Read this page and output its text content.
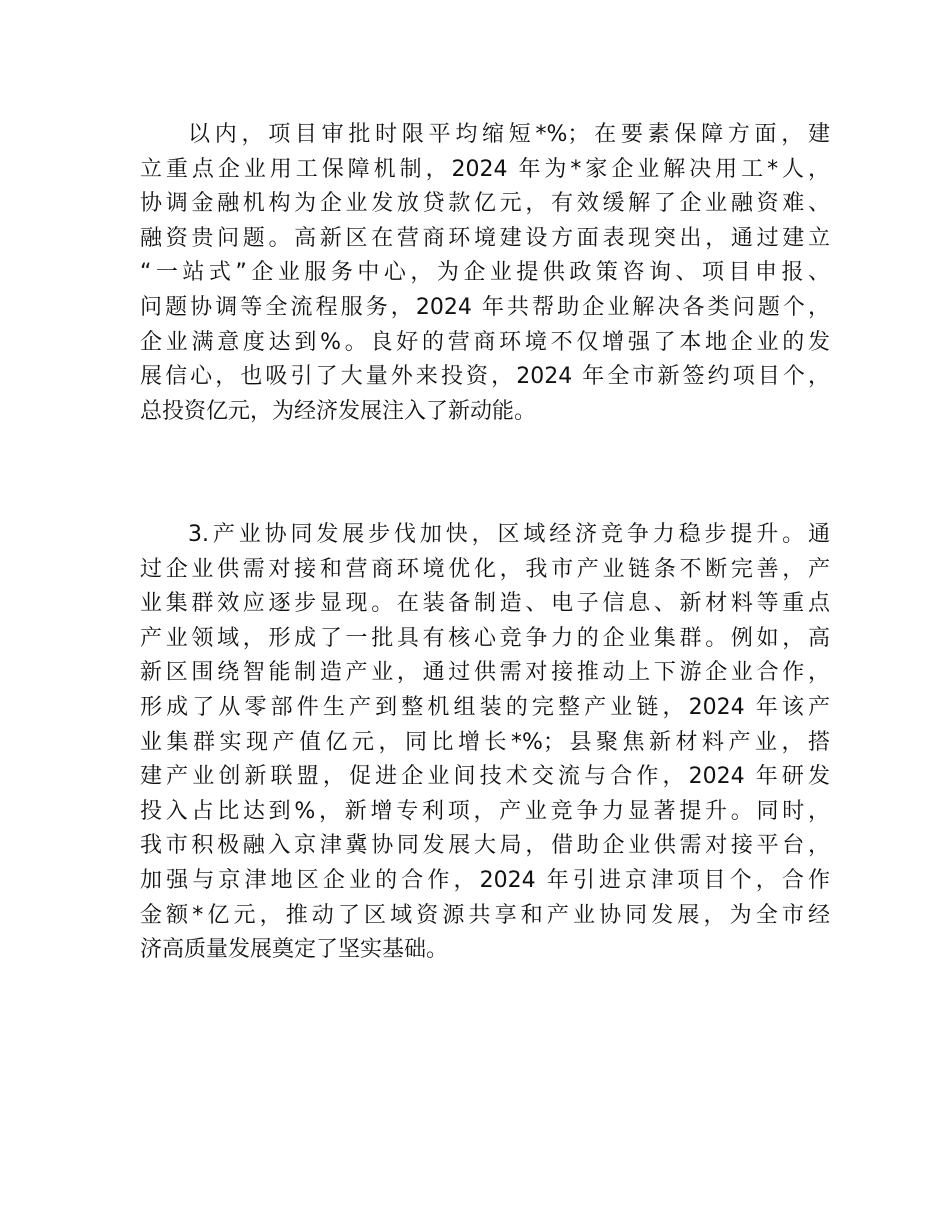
以内，项目审批时限平均缩短*%；在要素保障方面，建
立重点企业用工保障机制，2024 年为*家企业解决用工*人，
协调金融机构为企业发放贷款亿元，有效缓解了企业融资难、
融资贵问题。高新区在营商环境建设方面表现突出，通过建立
“一站式”企业服务中心，为企业提供政策咨询、项目申报、
问题协调等全流程服务，2024 年共帮助企业解决各类问题个，
企业满意度达到%。良好的营商环境不仅增强了本地企业的发
展信心，也吸引了大量外来投资，2024 年全市新签约项目个，
总投资亿元，为经济发展注入了新动能。
3.产业协同发展步伐加快，区域经济竞争力稳步提升。通
过企业供需对接和营商环境优化，我市产业链条不断完善，产
业集群效应逐步显现。在装备制造、电子信息、新材料等重点
产业领域，形成了一批具有核心竞争力的企业集群。例如，高
新区围绕智能制造产业，通过供需对接推动上下游企业合作，
形成了从零部件生产到整机组装的完整产业链，2024 年该产
业集群实现产值亿元，同比增长*%；县聚焦新材料产业，搭
建产业创新联盟，促进企业间技术交流与合作，2024 年研发
投入占比达到%，新增专利项，产业竞争力显著提升。同时，
我市积极融入京津冀协同发展大局，借助企业供需对接平台，
加强与京津地区企业的合作，2024 年引进京津项目个，合作
金额*亿元，推动了区域资源共享和产业协同发展，为全市经
济高质量发展奠定了坚实基础。
